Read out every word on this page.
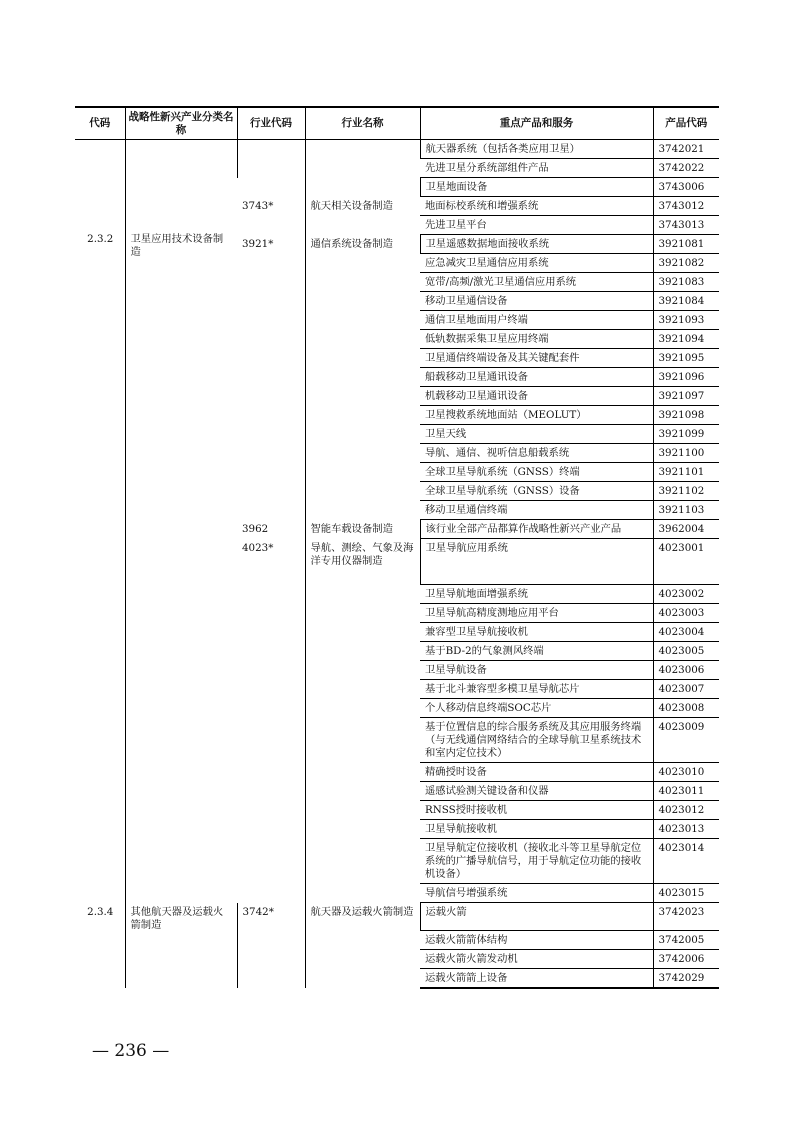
代码	战略性新兴产业分类名称	行业代码	行业名称	重点产品和服务	产品代码
2.3.2	卫星应用技术设备制造			航天器系统（包括各类应用卫星）	3742021
				先进卫星分系统部组件产品	3742022
		3743*	航天相关设备制造	卫星地面设备	3743006
				地面标校系统和增强系统	3743012
				先进卫星平台	3743013
		3921*	通信系统设备制造	卫星遥感数据地面接收系统	3921081
				应急减灾卫星通信应用系统	3921082
				宽带/高频/激光卫星通信应用系统	3921083
				移动卫星通信设备	3921084
				通信卫星地面用户终端	3921093
				低轨数据采集卫星应用终端	3921094
				卫星通信终端设备及其关键配套件	3921095
				船载移动卫星通讯设备	3921096
				机载移动卫星通讯设备	3921097
				卫星搜救系统地面站（MEOLUT）	3921098
				卫星天线	3921099
				导航、通信、视听信息船载系统	3921100
				全球卫星导航系统（GNSS）终端	3921101
				全球卫星导航系统（GNSS）设备	3921102
				移动卫星通信终端	3921103
		3962	智能车载设备制造	该行业全部产品都算作战略性新兴产业产品	3962004
		4023*	导航、测绘、气象及海洋专用仪器制造	卫星导航应用系统	4023001
				卫星导航地面增强系统	4023002
				卫星导航高精度测地应用平台	4023003
				兼容型卫星导航接收机	4023004
				基于BD-2的气象测风终端	4023005
				卫星导航设备	4023006
				基于北斗兼容型多模卫星导航芯片	4023007
				个人移动信息终端SOC芯片	4023008
				基于位置信息的综合服务系统及其应用服务终端（与无线通信网络结合的全球导航卫星系统技术和室内定位技术）	4023009
				精确授时设备	4023010
				遥感试验测关键设备和仪器	4023011
				RNSS授时接收机	4023012
				卫星导航接收机	4023013
				卫星导航定位接收机（接收北斗等卫星导航定位系统的广播导航信号，用于导航定位功能的接收机设备）	4023014
				导航信号增强系统	4023015
2.3.4	其他航天器及运载火箭制造	3742*	航天器及运载火箭制造	运载火箭	3742023
				运载火箭箭体结构	3742005
				运载火箭火箭发动机	3742006
				运载火箭箭上设备	3742029
— 236 —
